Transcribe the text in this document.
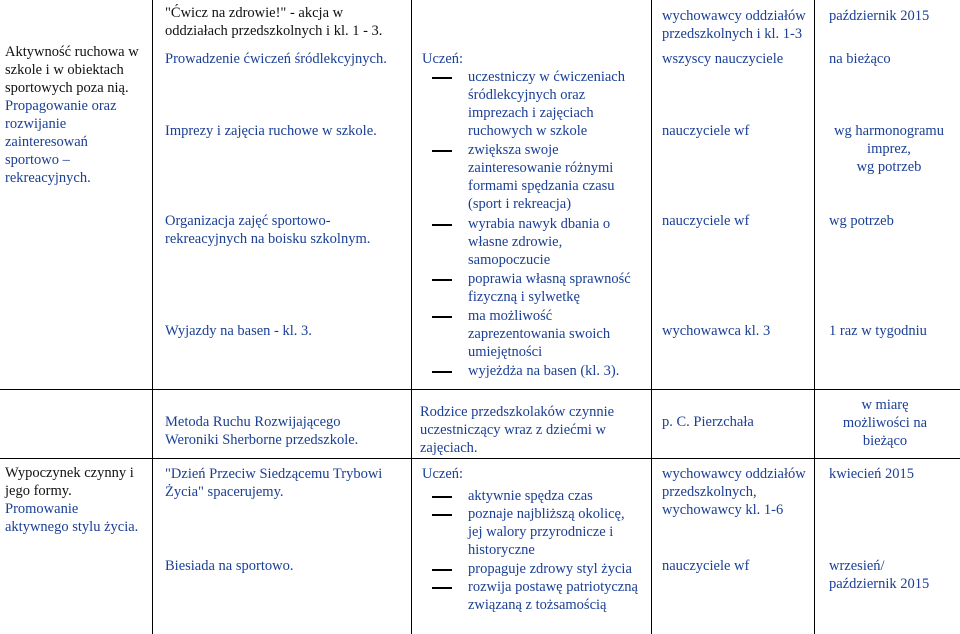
Aktywność ruchowa w
szkole i w obiektach
sportowych poza nią.
Propagowanie oraz
rozwijanie
zainteresowań
sportowo –
rekreacyjnych.
"Ćwicz na zdrowie!" - akcja w
oddziałach przedszkolnych i kl. 1 - 3.
Prowadzenie ćwiczeń śródlekcyjnych.
Imprezy i zajęcia ruchowe w szkole.
Organizacja zajęć sportowo-
rekreacyjnych na boisku szkolnym.
Wyjazdy na basen - kl. 3.
Uczeń:
uczestniczy w ćwiczeniach
śródlekcyjnych oraz
imprezach i zajęciach
ruchowych w szkole
zwiększa swoje
zainteresowanie różnymi
formami spędzania czasu
(sport i rekreacja)
wyrabia nawyk dbania o
własne zdrowie,
samopoczucie
poprawia własną sprawność
fizyczną i sylwetkę
ma możliwość
zaprezentowania swoich
umiejętności
wyjeżdża na basen (kl. 3).
wychowawcy oddziałów
przedszkolnych i kl. 1-3
wszyscy nauczyciele
nauczyciele wf
nauczyciele wf
wychowawca kl. 3
październik 2015
na bieżąco
wg harmonogramu
imprez,
wg potrzeb
wg potrzeb
1 raz w tygodniu
Metoda Ruchu Rozwijającego
Weroniki Sherborne przedszkole.
Rodzice przedszkolaków czynnie
uczestniczący wraz z dziećmi w
zajęciach.
p. C. Pierzchała
w miarę
możliwości na
bieżąco
Wypoczynek czynny i
jego formy.
Promowanie
aktywnego stylu życia.
"Dzień Przeciw Siedzącemu Trybowi
Życia" spacerujemy.
Biesiada na sportowo.
Uczeń:
aktywnie spędza czas
poznaje najbliższą okolicę,
jej walory przyrodnicze i
historyczne
propaguje zdrowy styl życia
rozwija postawę patriotyczną
związaną z tożsamością
wychowawcy oddziałów
przedszkolnych,
wychowawcy kl. 1-6
nauczyciele wf
kwiecień 2015
wrzesień/
październik 2015
